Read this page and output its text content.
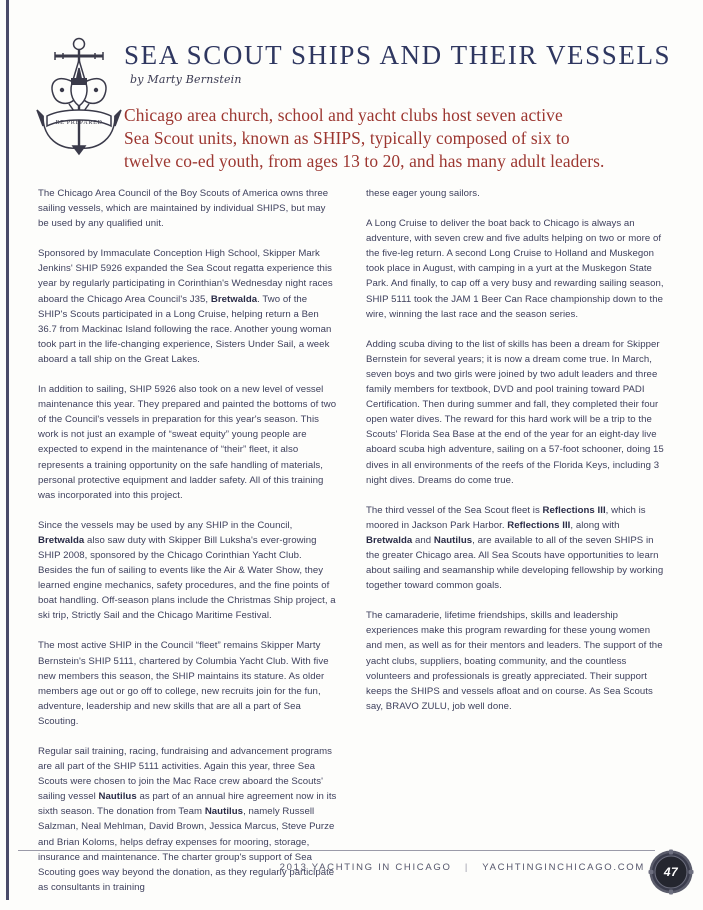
BE PREPARED
SEA SCOUT SHIPS AND THEIR VESSELS
by Marty Bernstein
Chicago area church, school and yacht clubs host seven active
Sea Scout units, known as SHIPS, typically composed of six to
twelve co-ed youth, from ages 13 to 20, and has many adult leaders.

The Chicago Area Council of the Boy Scouts of America owns three sailing vessels, which are maintained by individual SHIPS, but may be used by any qualified unit.

Sponsored by Immaculate Conception High School, Skipper Mark Jenkins' SHIP 5926 expanded the Sea Scout regatta experience this year by regularly participating in Corinthian's Wednesday night races aboard the Chicago Area Council's J35, Bretwalda. Two of the SHIP's Scouts participated in a Long Cruise, helping return a Ben 36.7 from Mackinac Island following the race. Another young woman took part in the life-changing experience, Sisters Under Sail, a week aboard a tall ship on the Great Lakes.

In addition to sailing, SHIP 5926 also took on a new level of vessel maintenance this year. They prepared and painted the bottoms of two of the Council's vessels in preparation for this year's season. This work is not just an example of “sweat equity” young people are expected to expend in the maintenance of “their” fleet, it also represents a training opportunity on the safe handling of materials, personal protective equipment and ladder safety. All of this training was incorporated into this project.

Since the vessels may be used by any SHIP in the Council, Bretwalda also saw duty with Skipper Bill Luksha's ever-growing SHIP 2008, sponsored by the Chicago Corinthian Yacht Club. Besides the fun of sailing to events like the Air & Water Show, they learned engine mechanics, safety procedures, and the fine points of boat handling. Off-season plans include the Christmas Ship project, a ski trip, Strictly Sail and the Chicago Maritime Festival.

The most active SHIP in the Council “fleet” remains Skipper Marty Bernstein's SHIP 5111, chartered by Columbia Yacht Club. With five new members this season, the SHIP maintains its stature. As older members age out or go off to college, new recruits join for the fun, adventure, leadership and new skills that are all a part of Sea Scouting.

Regular sail training, racing, fundraising and advancement programs are all part of the SHIP 5111 activities. Again this year, three Sea Scouts were chosen to join the Mac Race crew aboard the Scouts' sailing vessel Nautilus as part of an annual hire agreement now in its sixth season. The donation from Team Nautilus, namely Russell Salzman, Neal Mehlman, David Brown, Jessica Marcus, Steve Purze and Brian Koloms, helps defray expenses for mooring, storage, insurance and maintenance. The charter group's support of Sea Scouting goes way beyond the donation, as they regularly participate as consultants in training

these eager young sailors.

A Long Cruise to deliver the boat back to Chicago is always an adventure, with seven crew and five adults helping on two or more of the five-leg return. A second Long Cruise to Holland and Muskegon took place in August, with camping in a yurt at the Muskegon State Park. And finally, to cap off a very busy and rewarding sailing season, SHIP 5111 took the JAM 1 Beer Can Race championship down to the wire, winning the last race and the season series.

Adding scuba diving to the list of skills has been a dream for Skipper Bernstein for several years; it is now a dream come true. In March, seven boys and two girls were joined by two adult leaders and three family members for textbook, DVD and pool training toward PADI Certification. Then during summer and fall, they completed their four open water dives. The reward for this hard work will be a trip to the Scouts' Florida Sea Base at the end of the year for an eight-day live aboard scuba high adventure, sailing on a 57-foot schooner, doing 15 dives in all environments of the reefs of the Florida Keys, including 3 night dives. Dreams do come true.

The third vessel of the Sea Scout fleet is Reflections III, which is moored in Jackson Park Harbor. Reflections III, along with Bretwalda and Nautilus, are available to all of the seven SHIPS in the greater Chicago area. All Sea Scouts have opportunities to learn about sailing and seamanship while developing fellowship by working together toward common goals.

The camaraderie, lifetime friendships, skills and leadership experiences make this program rewarding for these young women and men, as well as for their mentors and leaders. The support of the yacht clubs, suppliers, boating community, and the countless volunteers and professionals is greatly appreciated. Their support keeps the SHIPS and vessels afloat and on course. As Sea Scouts say, BRAVO ZULU, job well done.

2013 YACHTING IN CHICAGO | YACHTINGINCHICAGO.COM	47
